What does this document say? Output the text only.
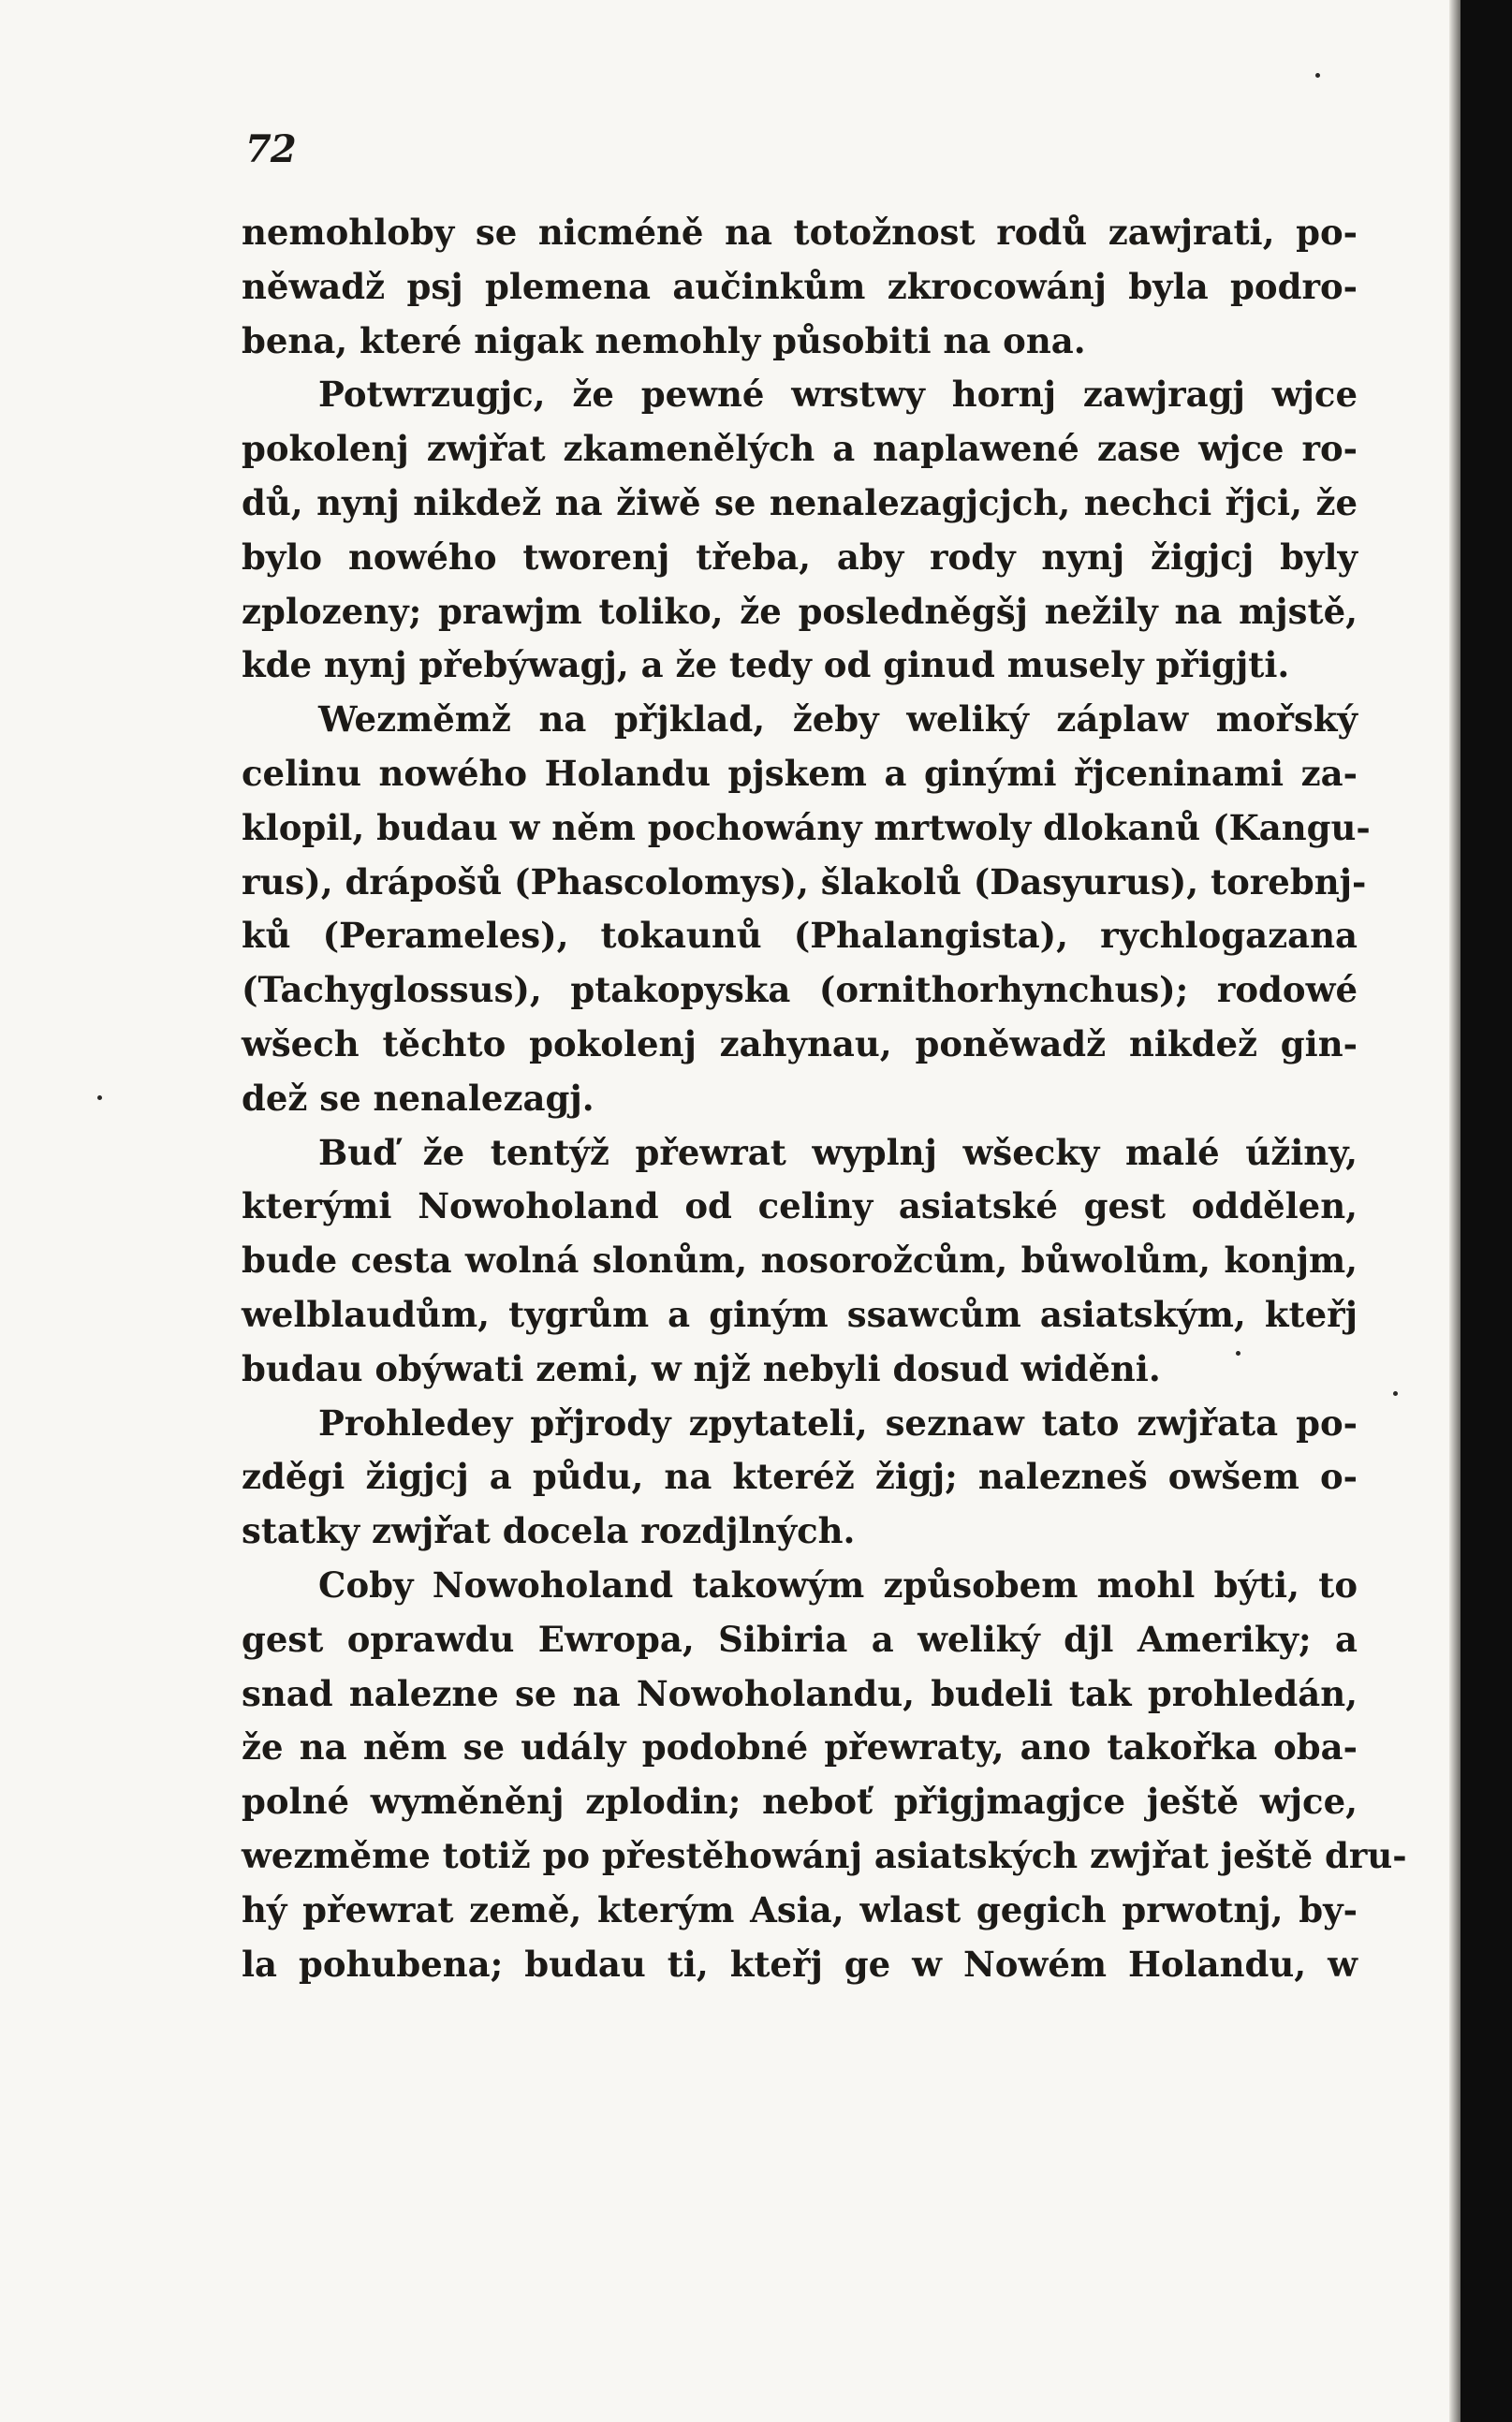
72
nemohloby se nicméně na totožnost rodů zawjrati, po-
něwadž psj plemena aučinkům zkrocowánj byla podro-
bena, které nigak nemohly působiti na ona.
Potwrzugjc, že pewné wrstwy hornj zawjragj wjce
pokolenj zwjřat zkamenělých a naplawené zase wjce ro-
dů, nynj nikdež na žiwě se nenalezagjcjch, nechci řjci, že
bylo nowého tworenj třeba, aby rody nynj žigjcj byly
zplozeny; prawjm toliko, že posledněgšj nežily na mjstě,
kde nynj přebýwagj, a že tedy od ginud musely přigjti.
Wezměmž na přjklad, žeby weliký záplaw mořský
celinu nowého Holandu pjskem a ginými řjceninami za-
klopil, budau w něm pochowány mrtwoly dlokanů (Kangu-
rus), drápošů (Phascolomys), šlakolů (Dasyurus), torebnj-
ků (Perameles), tokaunů (Phalangista), rychlogazana
(Tachyglossus), ptakopyska (ornithorhynchus); rodowé
wšech těchto pokolenj zahynau, poněwadž nikdež gin-
dež se nenalezagj.
Buď že tentýž přewrat wyplnj wšecky malé úžiny,
kterými Nowoholand od celiny asiatské gest oddělen,
bude cesta wolná slonům, nosorožcům, bůwolům, konjm,
welblaudům, tygrům a giným ssawcům asiatským, kteřj
budau obýwati zemi, w njž nebyli dosud widěni.
Prohledey přjrody zpytateli, seznaw tato zwjřata po-
zděgi žigjcj a půdu, na kteréž žigj; nalezneš owšem o-
statky zwjřat docela rozdjlných.
Coby Nowoholand takowým způsobem mohl býti, to
gest oprawdu Ewropa, Sibiria a weliký djl Ameriky; a
snad nalezne se na Nowoholandu, budeli tak prohledán,
že na něm se udály podobné přewraty, ano takořka oba-
polné wyměněnj zplodin; neboť přigjmagjce ještě wjce,
wezměme totiž po přestěhowánj asiatských zwjřat ještě dru-
hý přewrat země, kterým Asia, wlast gegich prwotnj, by-
la pohubena; budau ti, kteřj ge w Nowém Holandu, w
